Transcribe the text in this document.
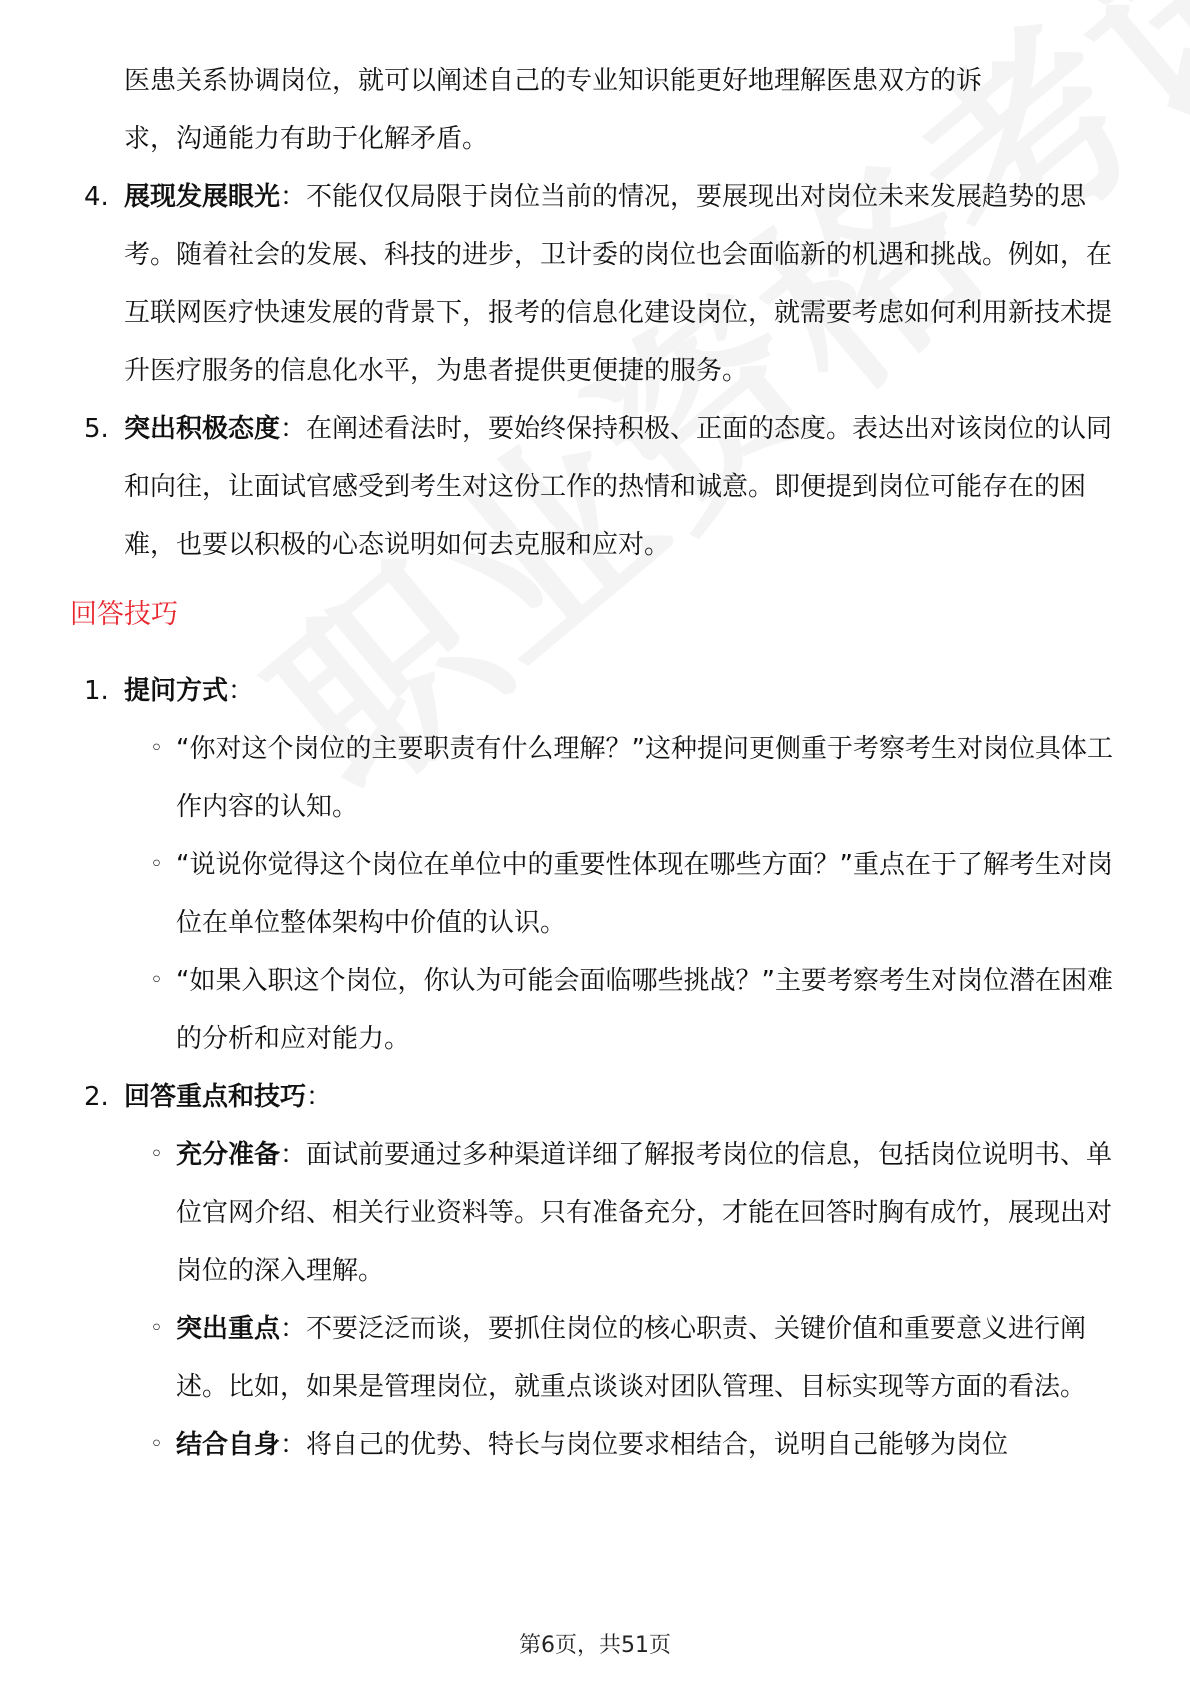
医患关系协调岗位，就可以阐述自己的专业知识能更好地理解医患双方的诉
求，沟通能力有助于化解矛盾。
4. 展现发展眼光：不能仅仅局限于岗位当前的情况，要展现出对岗位未来发展趋势的思考。随着社会的发展、科技的进步，卫计委的岗位也会面临新的机遇和挑战。例如，在互联网医疗快速发展的背景下，报考的信息化建设岗位，就需要考虑如何利用新技术提升医疗服务的信息化水平，为患者提供更便捷的服务。
5. 突出积极态度：在阐述看法时，要始终保持积极、正面的态度。表达出对该岗位的认同和向往，让面试官感受到考生对这份工作的热情和诚意。即便提到岗位可能存在的困难，也要以积极的心态说明如何去克服和应对。
回答技巧
1. 提问方式：
◦ “你对这个岗位的主要职责有什么理解？”这种提问更侧重于考察考生对岗位具体工作内容的认知。
◦ “说说你觉得这个岗位在单位中的重要性体现在哪些方面？”重点在于了解考生对岗位在单位整体架构中价值的认识。
◦ “如果入职这个岗位，你认为可能会面临哪些挑战？”主要考察考生对岗位潜在困难的分析和应对能力。
2. 回答重点和技巧：
◦ 充分准备：面试前要通过多种渠道详细了解报考岗位的信息，包括岗位说明书、单位官网介绍、相关行业资料等。只有准备充分，才能在回答时胸有成竹，展现出对岗位的深入理解。
◦ 突出重点：不要泛泛而谈，要抓住岗位的核心职责、关键价值和重要意义进行阐述。比如，如果是管理岗位，就重点谈谈对团队管理、目标实现等方面的看法。
◦ 结合自身：将自己的优势、特长与岗位要求相结合，说明自己能够为岗位
第6页，共51页
